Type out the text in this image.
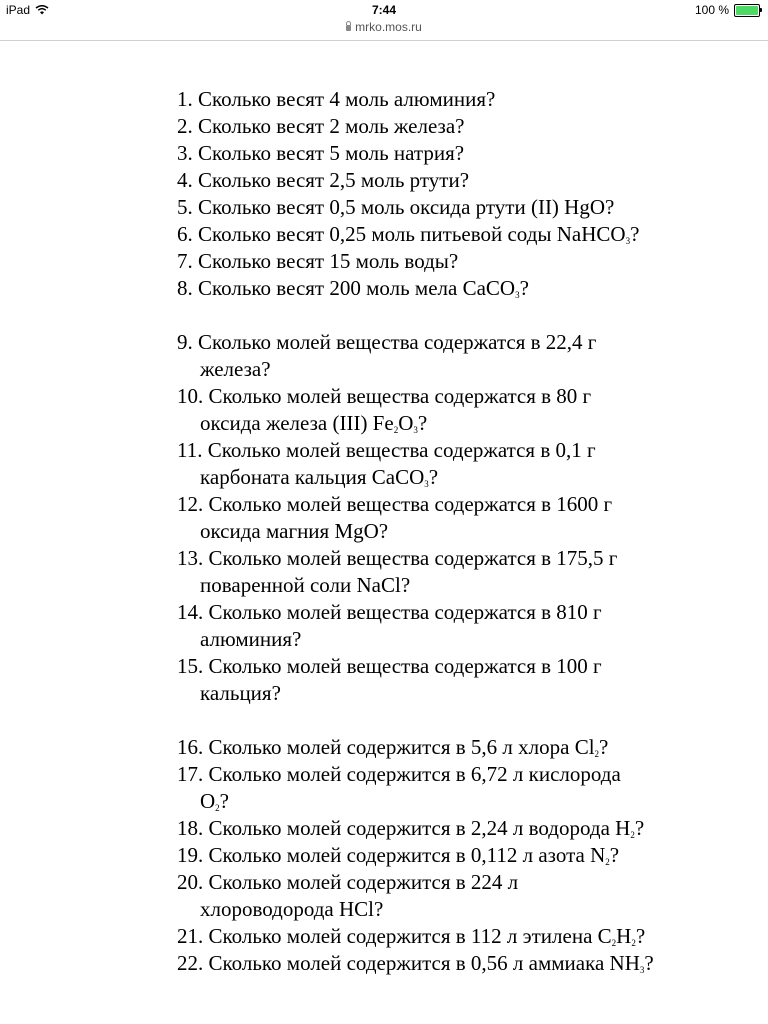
iPad	7:44	100 %
mrko.mos.ru
1. Сколько весят 4 моль алюминия?
2. Сколько весят 2 моль железа?
3. Сколько весят 5 моль натрия?
4. Сколько весят 2,5 моль ртути?
5. Сколько весят 0,5 моль оксида ртути (II) HgO?
6. Сколько весят 0,25 моль питьевой соды NaHCO$_3$?
7. Сколько весят 15 моль воды?
8. Сколько весят 200 моль мела CaCO$_3$?
9. Сколько молей вещества содержатся в 22,4 г
железа?
10. Сколько молей вещества содержатся в 80 г
оксида железа (III) $Fe_2O_3$?
11. Сколько молей вещества содержатся в 0,1 г
карбоната кальция CaCO$_3$?
12. Сколько молей вещества содержатся в 1600 г
оксида магния MgO?
13. Сколько молей вещества содержатся в 175,5 г
поваренной соли NaCl?
14. Сколько молей вещества содержатся в 810 г
алюминия?
15. Сколько молей вещества содержатся в 100 г
кальция?
16. Сколько молей содержится в 5,6 л хлора $Cl_2$?
17. Сколько молей содержится в 6,72 л кислорода
$O_2$?
18. Сколько молей содержится в 2,24 л водорода $H_2$?
19. Сколько молей содержится в 0,112 л азота $N_2$?
20. Сколько молей содержится в 224 л
хлороводорода HCl?
21. Сколько молей содержится в 112 л этилена $C_2H_2$?
22. Сколько молей содержится в 0,56 л аммиака $NH_3$?
